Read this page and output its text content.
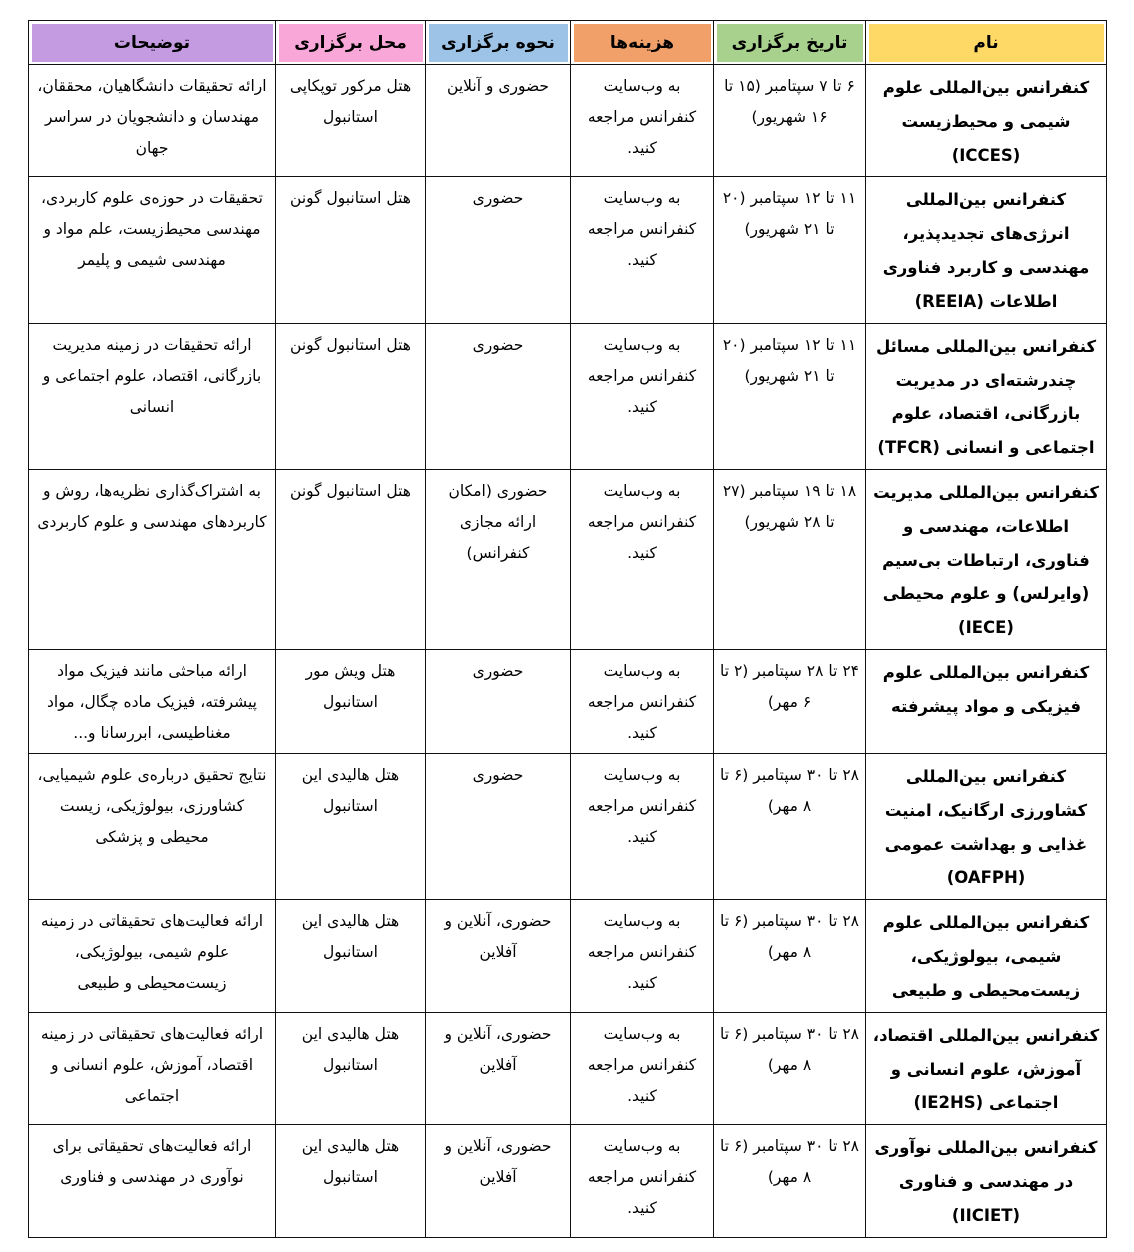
نام	تاریخ برگزاری	هزینه‌ها	نحوه برگزاری	محل برگزاری	توضیحات
کنفرانس بین‌المللی علوم شیمی و محیط‌زیست (ICCES)	۶ تا ۷ سپتامبر (۱۵ تا ۱۶ شهریور)	به وب‌سایت کنفرانس مراجعه کنید.	حضوری و آنلاین	هتل مرکور توپکاپی استانبول	ارائه تحقیقات دانشگاهیان، محققان، مهندسان و دانشجویان در سراسر جهان
کنفرانس بین‌المللی انرژی‌های تجدیدپذیر، مهندسی و کاربرد فناوری اطلاعات (REEIA)	۱۱ تا ۱۲ سپتامبر (۲۰ تا ۲۱ شهریور)	به وب‌سایت کنفرانس مراجعه کنید.	حضوری	هتل استانبول گونن	تحقیقات در حوزه‌ی علوم کاربردی، مهندسی محیط‌زیست، علم مواد و مهندسی شیمی و پلیمر
کنفرانس بین‌المللی مسائل چندرشته‌ای در مدیریت بازرگانی، اقتصاد، علوم اجتماعی و انسانی (TFCR)	۱۱ تا ۱۲ سپتامبر (۲۰ تا ۲۱ شهریور)	به وب‌سایت کنفرانس مراجعه کنید.	حضوری	هتل استانبول گونن	ارائه تحقیقات در زمینه مدیریت بازرگانی، اقتصاد، علوم اجتماعی و انسانی
کنفرانس بین‌المللی مدیریت اطلاعات، مهندسی و فناوری، ارتباطات بی‌سیم (وایرلس) و علوم محیطی (IECE)	۱۸ تا ۱۹ سپتامبر (۲۷ تا ۲۸ شهریور)	به وب‌سایت کنفرانس مراجعه کنید.	حضوری (امکان ارائه مجازی کنفرانس)	هتل استانبول گونن	به اشتراک‌گذاری نظریه‌ها، روش و کاربردهای مهندسی و علوم کاربردی
کنفرانس بین‌المللی علوم فیزیکی و مواد پیشرفته	۲۴ تا ۲۸ سپتامبر (۲ تا ۶ مهر)	به وب‌سایت کنفرانس مراجعه کنید.	حضوری	هتل ویش مور استانبول	ارائه مباحثی مانند فیزیک مواد پیشرفته، فیزیک ماده چگال، مواد مغناطیسی، ابررسانا و...
کنفرانس بین‌المللی کشاورزی ارگانیک، امنیت غذایی و بهداشت عمومی (OAFPH)	۲۸ تا ۳۰ سپتامبر (۶ تا ۸ مهر)	به وب‌سایت کنفرانس مراجعه کنید.	حضوری	هتل هالیدی این استانبول	نتایج تحقیق درباره‌ی علوم شیمیایی، کشاورزی، بیولوژیکی، زیست محیطی و پزشکی
کنفرانس بین‌المللی علوم شیمی، بیولوژیکی، زیست‌محیطی و طبیعی	۲۸ تا ۳۰ سپتامبر (۶ تا ۸ مهر)	به وب‌سایت کنفرانس مراجعه کنید.	حضوری، آنلاین و آفلاین	هتل هالیدی این استانبول	ارائه فعالیت‌های تحقیقاتی در زمینه علوم شیمی، بیولوژیکی، زیست‌محیطی و طبیعی
کنفرانس بین‌المللی اقتصاد، آموزش، علوم انسانی و اجتماعی (IE2HS)	۲۸ تا ۳۰ سپتامبر (۶ تا ۸ مهر)	به وب‌سایت کنفرانس مراجعه کنید.	حضوری، آنلاین و آفلاین	هتل هالیدی این استانبول	ارائه فعالیت‌های تحقیقاتی در زمینه اقتصاد، آموزش، علوم انسانی و اجتماعی
کنفرانس بین‌المللی نوآوری در مهندسی و فناوری (IICIET)	۲۸ تا ۳۰ سپتامبر (۶ تا ۸ مهر)	به وب‌سایت کنفرانس مراجعه کنید.	حضوری، آنلاین و آفلاین	هتل هالیدی این استانبول	ارائه فعالیت‌های تحقیقاتی برای نوآوری در مهندسی و فناوری
